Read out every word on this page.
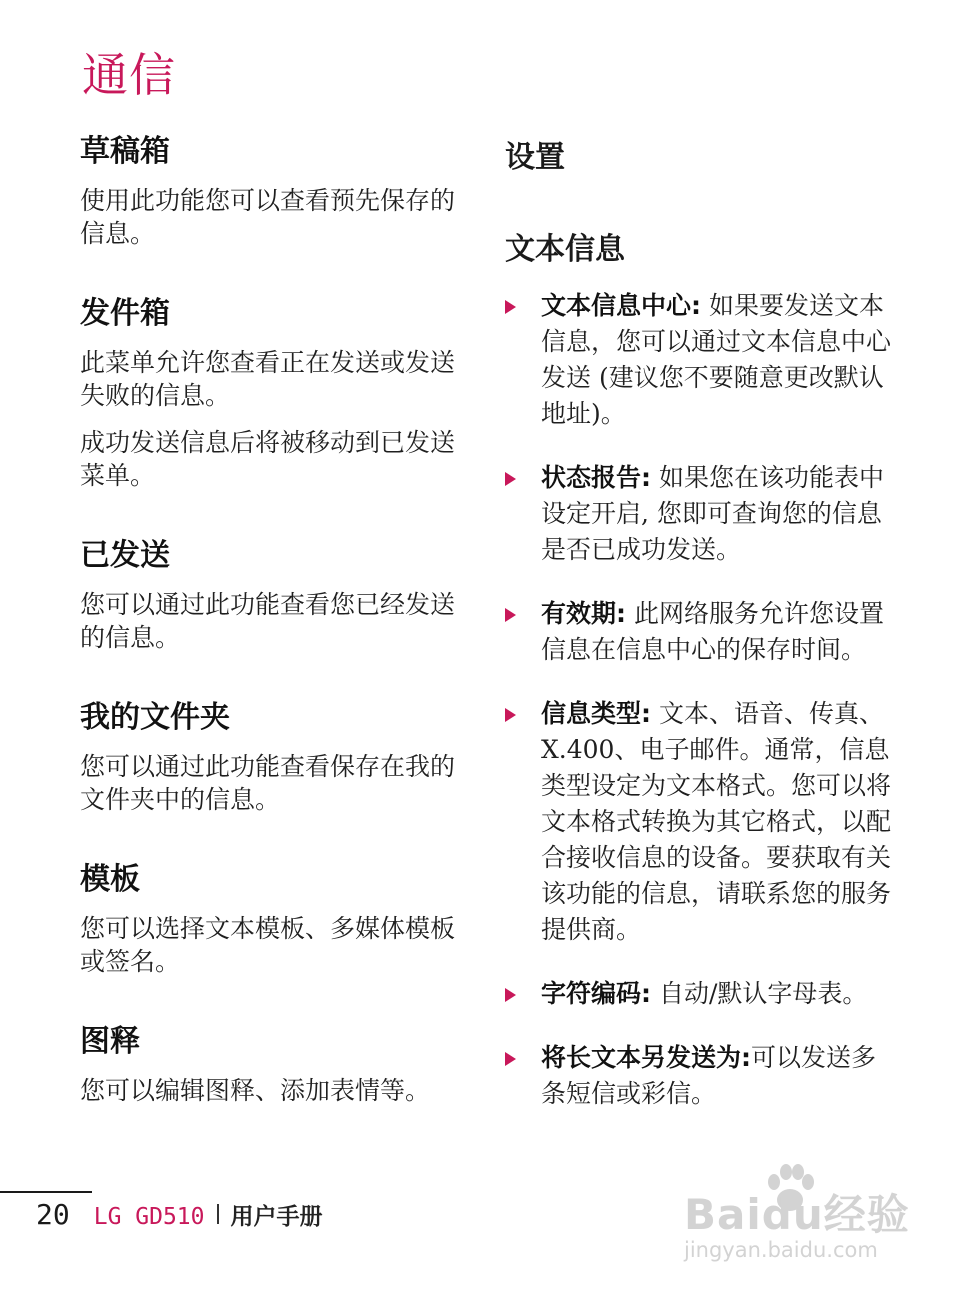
通信
草稿箱

使用此功能您可以查看预先保存的信息。

发件箱

此菜单允许您查看正在发送或发送失败的信息。

成功发送信息后将被移动到已发送菜单。

已发送

您可以通过此功能查看您已经发送的信息。

我的文件夹

您可以通过此功能查看保存在我的文件夹中的信息。

模板

您可以选择文本模板、多媒体模板或签名。

图释

您可以编辑图释、添加表情等。

设置
文本信息
文本信息中心: 如果要发送文本信息，您可以通过文本信息中心发送 (建议您不要随意更改默认地址)。
状态报告: 如果您在该功能表中设定开启, 您即可查询您的信息是否已成功发送。
有效期: 此网络服务允许您设置信息在信息中心的保存时间。
信息类型: 文本、语音、传真、X.400、电子邮件。通常，信息类型设定为文本格式。您可以将文本格式转换为其它格式，以配合接收信息的设备。要获取有关该功能的信息，请联系您的服务提供商。
字符编码: 自动/默认字母表。
将长文本另发送为:可以发送多条短信或彩信。
20 LG GD510 用户手册	Baidu经验
jingyan.baidu.com
